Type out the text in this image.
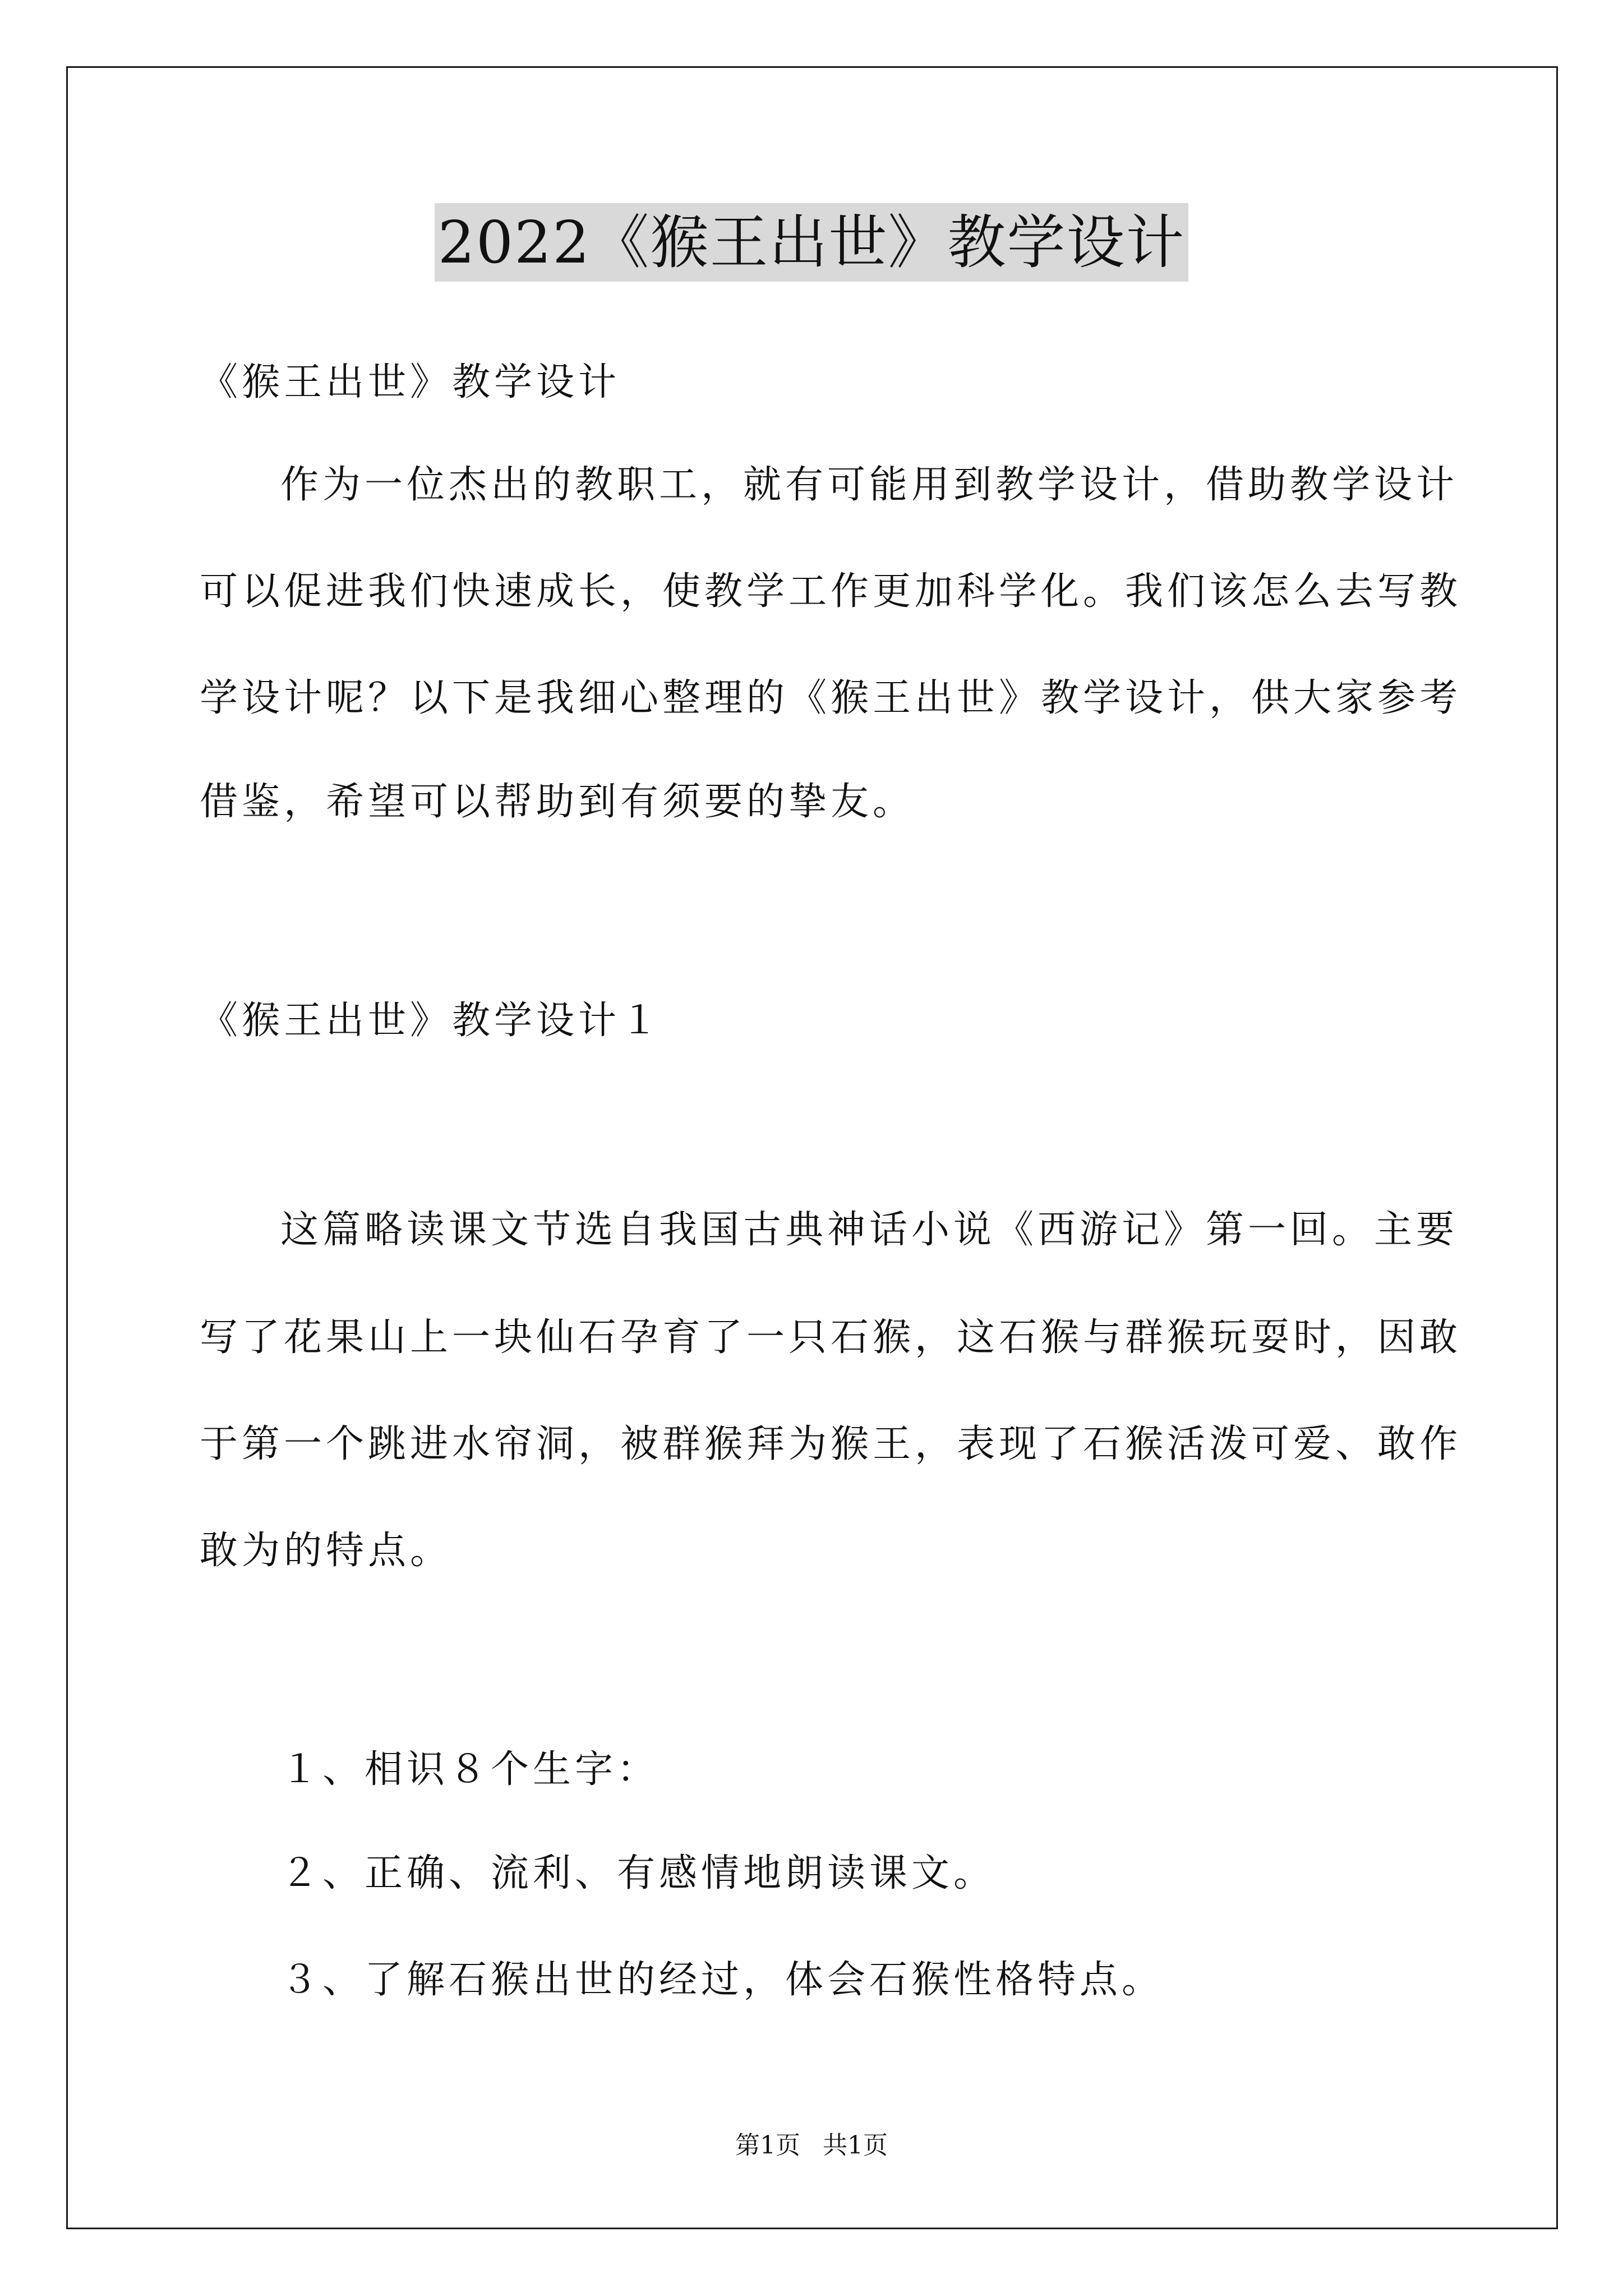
2022《猴王出世》教学设计
《猴王出世》教学设计
作为一位杰出的教职工，就有可能用到教学设计，借助教学设计
可以促进我们快速成长，使教学工作更加科学化。我们该怎么去写教
学设计呢？以下是我细心整理的《猴王出世》教学设计，供大家参考
借鉴，希望可以帮助到有须要的挚友。
《猴王出世》教学设计１
这篇略读课文节选自我国古典神话小说《西游记》第一回。主要
写了花果山上一块仙石孕育了一只石猴，这石猴与群猴玩耍时，因敢
于第一个跳进水帘洞，被群猴拜为猴王，表现了石猴活泼可爱、敢作
敢为的特点。
１、相识８个生字：
２、正确、流利、有感情地朗读课文。
３、了解石猴出世的经过，体会石猴性格特点。
第1页 共1页
